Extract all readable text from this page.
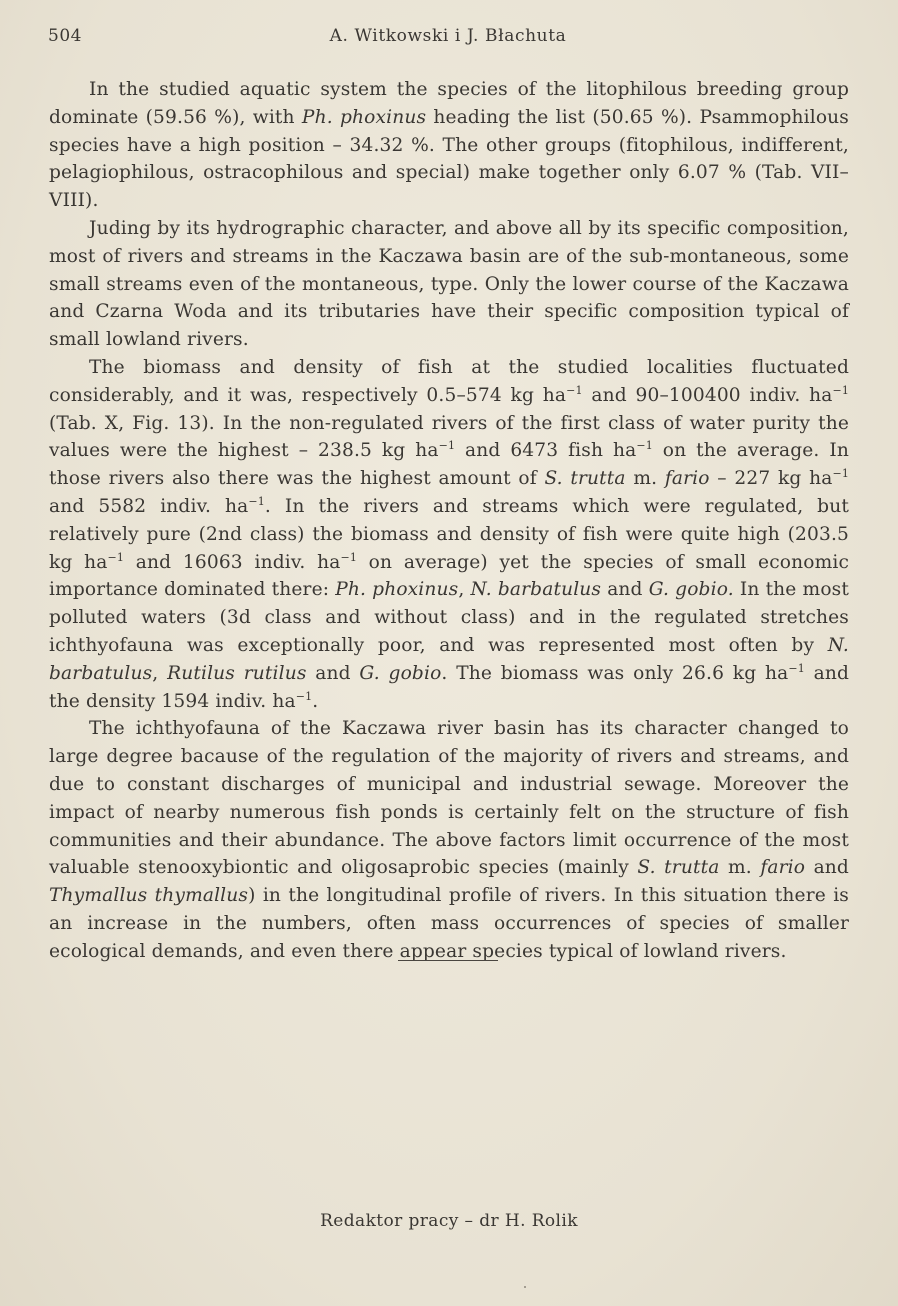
504	A. Witkowski i J. Błachuta

In the studied aquatic system the species of the litophilous breeding group dominate (59.56 %), with Ph. phoxinus heading the list (50.65 %). Psammophilous species have a high position – 34.32 %. The other groups (fitophilous, indifferent, pelagiophilous, ostracophilous and special) make together only 6.07 % (Tab. VII–VIII).

Juding by its hydrographic character, and above all by its specific composition, most of rivers and streams in the Kaczawa basin are of the sub-montaneous, some small streams even of the montaneous, type. Only the lower course of the Kaczawa and Czarna Woda and its tributaries have their specific composition typical of small lowland rivers.

The biomass and density of fish at the studied localities fluctuated considerably, and it was, respectively 0.5–574 kg $ha^{-1}$ and 90–100400 indiv. $ha^{-1}$ (Tab. X, Fig. 13). In the non-regulated rivers of the first class of water purity the values were the highest – 238.5 kg $ha^{-1}$ and 6473 fish $ha^{-1}$ on the average. In those rivers also there was the highest amount of S. trutta m. fario – 227 kg $ha^{-1}$ and 5582 indiv. $ha^{-1}$. In the rivers and streams which were regulated, but relatively pure (2nd class) the biomass and density of fish were quite high (203.5 kg $ha^{-1}$ and 16063 indiv. $ha^{-1}$ on average) yet the species of small economic importance dominated there: Ph. phoxinus, N. barbatulus and G. gobio. In the most polluted waters (3d class and without class) and in the regulated stretches ichthyofauna was exceptionally poor, and was represented most often by N. barbatulus, Rutilus rutilus and G. gobio. The biomass was only 26.6 kg $ha^{-1}$ and the density 1594 indiv. $ha^{-1}$.

The ichthyofauna of the Kaczawa river basin has its character changed to large degree bacause of the regulation of the majority of rivers and streams, and due to constant discharges of municipal and industrial sewage. Moreover the impact of nearby numerous fish ponds is certainly felt on the structure of fish communities and their abundance. The above factors limit occurrence of the most valuable stenooxybiontic and oligosaprobic species (mainly S. trutta m. fario and Thymallus thymallus) in the longitudinal profile of rivers. In this situation there is an increase in the numbers, often mass occurrences of species of smaller ecological demands, and even there appear species typical of lowland rivers.

Redaktor pracy – dr H. Rolik
